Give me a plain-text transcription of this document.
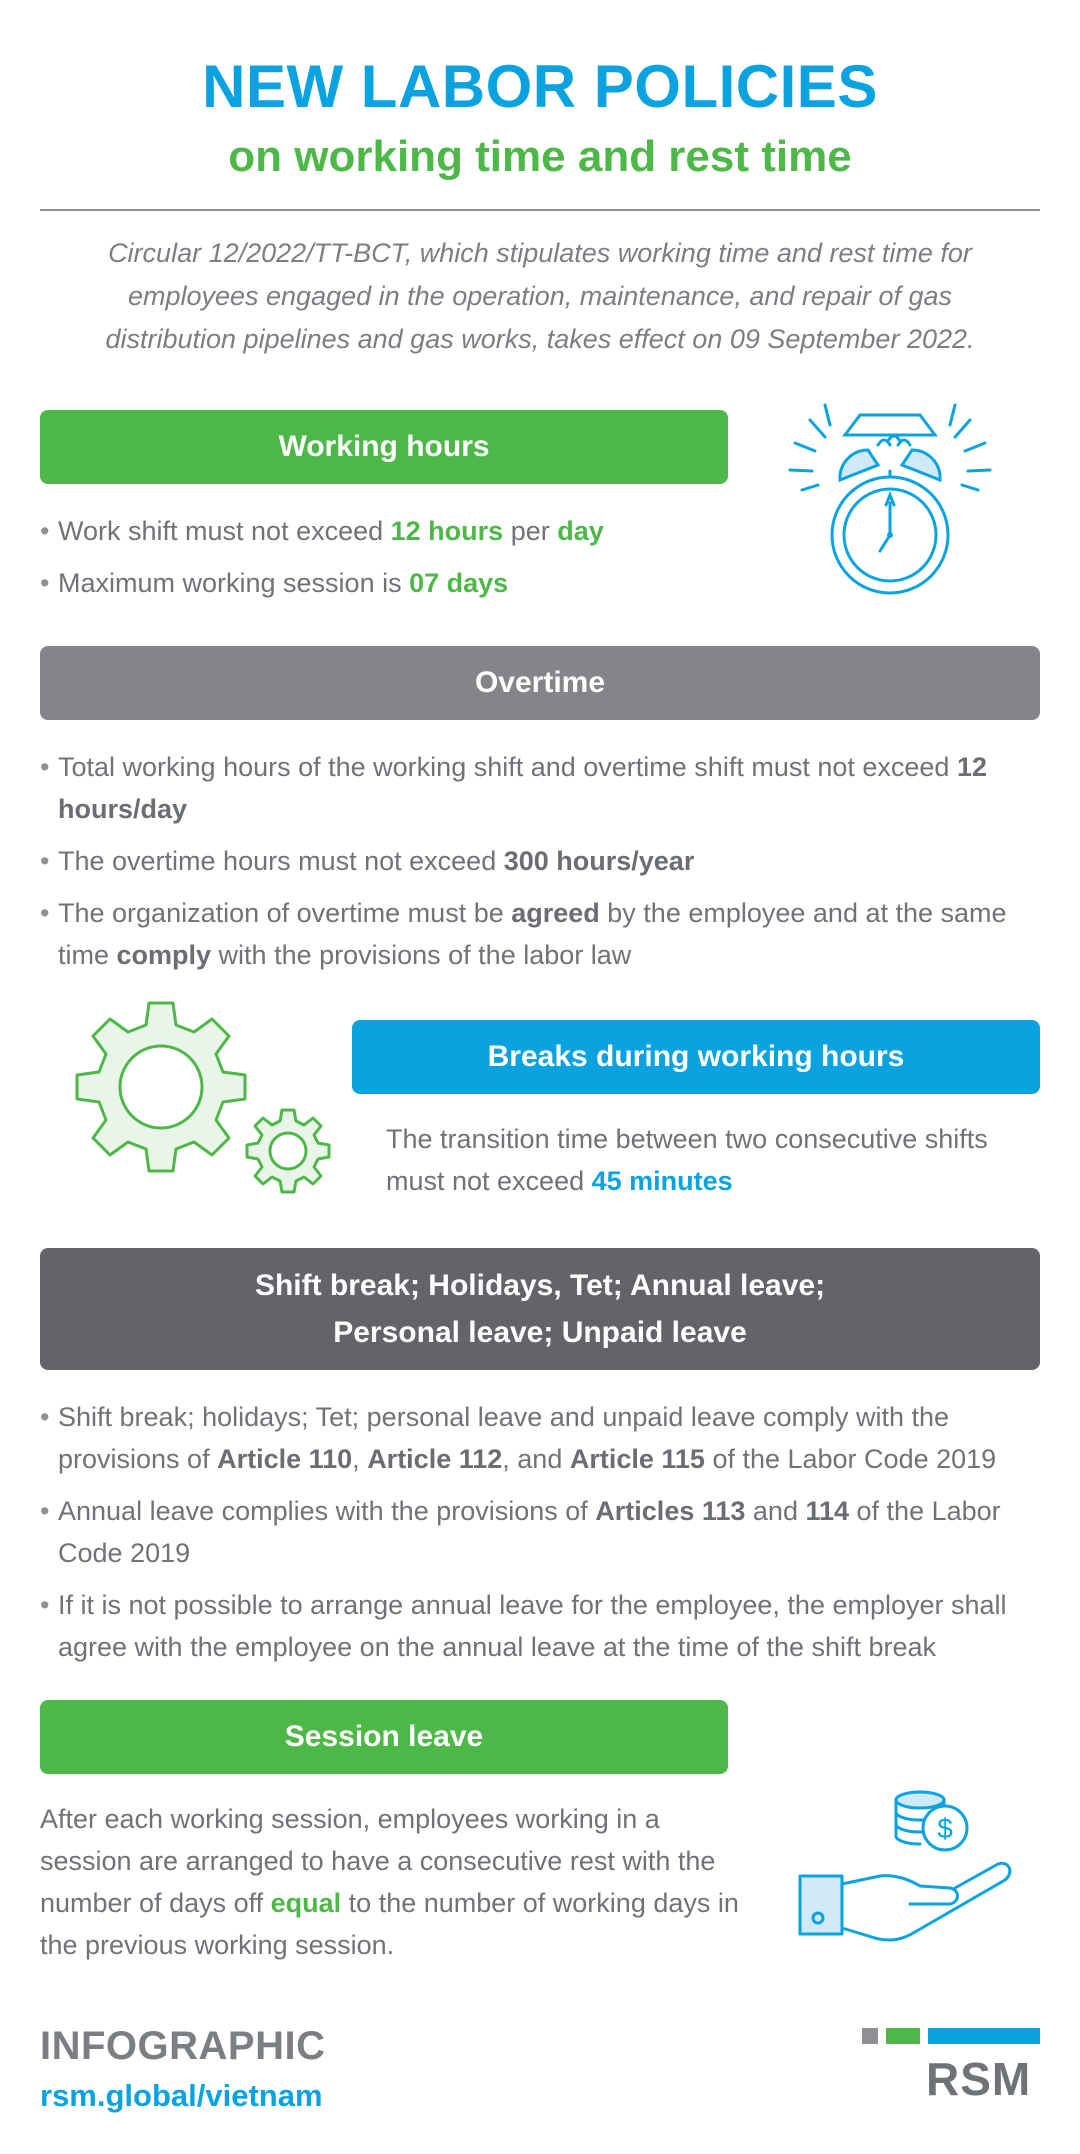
NEW LABOR POLICIES
on working time and rest time
Circular 12/2022/TT-BCT, which stipulates working time and rest time for employees engaged in the operation, maintenance, and repair of gas distribution pipelines and gas works, takes effect on 09 September 2022.
Working hours
• Work shift must not exceed 12 hours per day
• Maximum working session is 07 days
Overtime
• Total working hours of the working shift and overtime shift must not exceed 12 hours/day
• The overtime hours must not exceed 300 hours/year
• The organization of overtime must be agreed by the employee and at the same time comply with the provisions of the labor law
Breaks during working hours
The transition time between two consecutive shifts must not exceed 45 minutes
Shift break; Holidays, Tet; Annual leave;
Personal leave; Unpaid leave
• Shift break; holidays; Tet; personal leave and unpaid leave comply with the provisions of Article 110, Article 112, and Article 115 of the Labor Code 2019
• Annual leave complies with the provisions of Articles 113 and 114 of the Labor Code 2019
• If it is not possible to arrange annual leave for the employee, the employer shall agree with the employee on the annual leave at the time of the shift break
Session leave
After each working session, employees working in a session are arranged to have a consecutive rest with the number of days off equal to the number of working days in the previous working session.
$
INFOGRAPHIC
rsm.global/vietnam	RSM
